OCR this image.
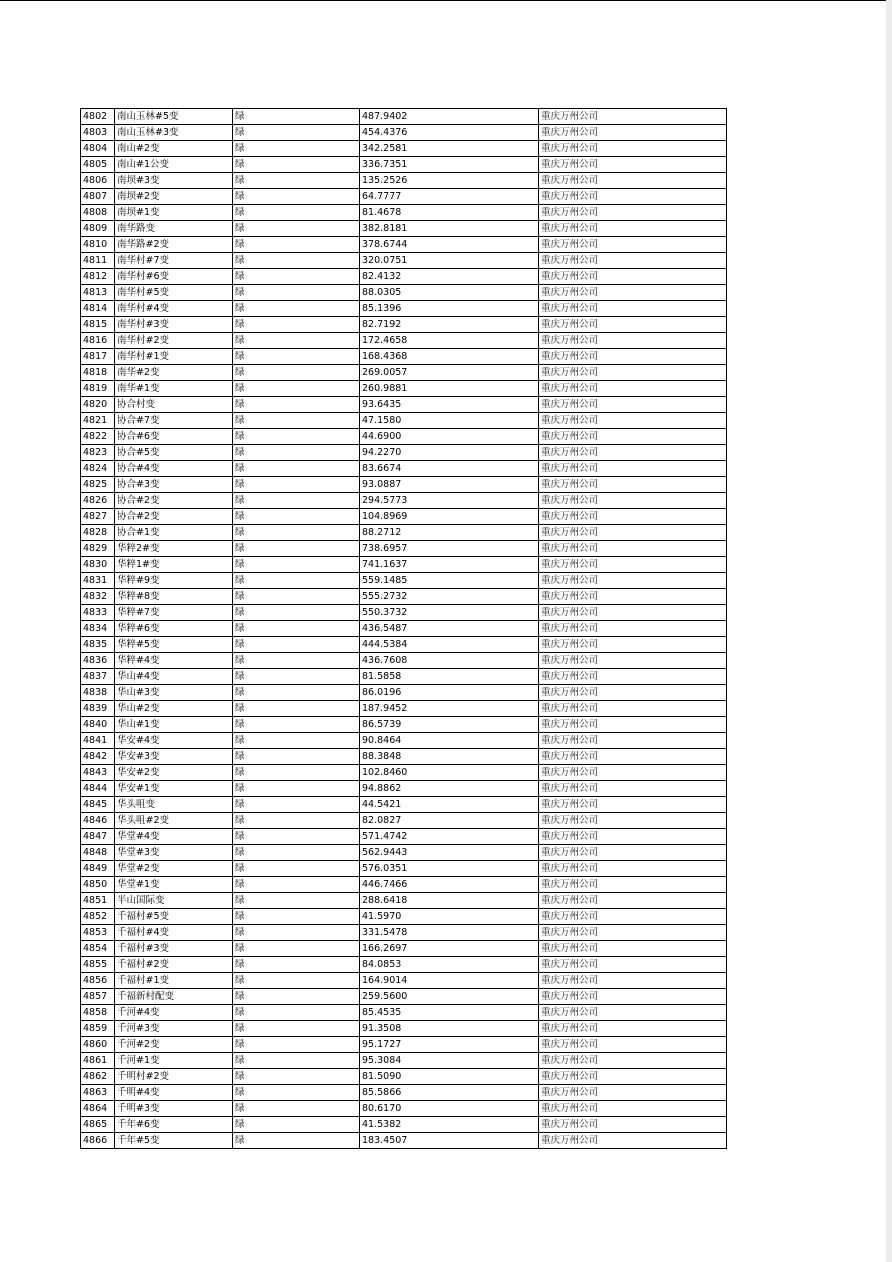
4802	南山玉林#5变	绿	487.9402	重庆万州公司
4803	南山玉林#3变	绿	454.4376	重庆万州公司
4804	南山#2变	绿	342.2581	重庆万州公司
4805	南山#1公变	绿	336.7351	重庆万州公司
4806	南坝#3变	绿	135.2526	重庆万州公司
4807	南坝#2变	绿	64.7777	重庆万州公司
4808	南坝#1变	绿	81.4678	重庆万州公司
4809	南华路变	绿	382.8181	重庆万州公司
4810	南华路#2变	绿	378.6744	重庆万州公司
4811	南华村#7变	绿	320.0751	重庆万州公司
4812	南华村#6变	绿	82.4132	重庆万州公司
4813	南华村#5变	绿	88.0305	重庆万州公司
4814	南华村#4变	绿	85.1396	重庆万州公司
4815	南华村#3变	绿	82.7192	重庆万州公司
4816	南华村#2变	绿	172.4658	重庆万州公司
4817	南华村#1变	绿	168.4368	重庆万州公司
4818	南华#2变	绿	269.0057	重庆万州公司
4819	南华#1变	绿	260.9881	重庆万州公司
4820	协合村变	绿	93.6435	重庆万州公司
4821	协合#7变	绿	47.1580	重庆万州公司
4822	协合#6变	绿	44.6900	重庆万州公司
4823	协合#5变	绿	94.2270	重庆万州公司
4824	协合#4变	绿	83.6674	重庆万州公司
4825	协合#3变	绿	93.0887	重庆万州公司
4826	协合#2变	绿	294.5773	重庆万州公司
4827	协合#2变	绿	104.8969	重庆万州公司
4828	协合#1变	绿	88.2712	重庆万州公司
4829	华粹2#变	绿	738.6957	重庆万州公司
4830	华粹1#变	绿	741.1637	重庆万州公司
4831	华粹#9变	绿	559.1485	重庆万州公司
4832	华粹#8变	绿	555.2732	重庆万州公司
4833	华粹#7变	绿	550.3732	重庆万州公司
4834	华粹#6变	绿	436.5487	重庆万州公司
4835	华粹#5变	绿	444.5384	重庆万州公司
4836	华粹#4变	绿	436.7608	重庆万州公司
4837	华山#4变	绿	81.5858	重庆万州公司
4838	华山#3变	绿	86.0196	重庆万州公司
4839	华山#2变	绿	187.9452	重庆万州公司
4840	华山#1变	绿	86.5739	重庆万州公司
4841	华安#4变	绿	90.8464	重庆万州公司
4842	华安#3变	绿	88.3848	重庆万州公司
4843	华安#2变	绿	102.8460	重庆万州公司
4844	华安#1变	绿	94.8862	重庆万州公司
4845	华头咀变	绿	44.5421	重庆万州公司
4846	华头咀#2变	绿	82.0827	重庆万州公司
4847	华堂#4变	绿	571.4742	重庆万州公司
4848	华堂#3变	绿	562.9443	重庆万州公司
4849	华堂#2变	绿	576.0351	重庆万州公司
4850	华堂#1变	绿	446.7466	重庆万州公司
4851	半山国际变	绿	288.6418	重庆万州公司
4852	千福村#5变	绿	41.5970	重庆万州公司
4853	千福村#4变	绿	331.5478	重庆万州公司
4854	千福村#3变	绿	166.2697	重庆万州公司
4855	千福村#2变	绿	84.0853	重庆万州公司
4856	千福村#1变	绿	164.9014	重庆万州公司
4857	千福新村配变	绿	259.5600	重庆万州公司
4858	千河#4变	绿	85.4535	重庆万州公司
4859	千河#3变	绿	91.3508	重庆万州公司
4860	千河#2变	绿	95.1727	重庆万州公司
4861	千河#1变	绿	95.3084	重庆万州公司
4862	千明村#2变	绿	81.5090	重庆万州公司
4863	千明#4变	绿	85.5866	重庆万州公司
4864	千明#3变	绿	80.6170	重庆万州公司
4865	千年#6变	绿	41.5382	重庆万州公司
4866	千年#5变	绿	183.4507	重庆万州公司
